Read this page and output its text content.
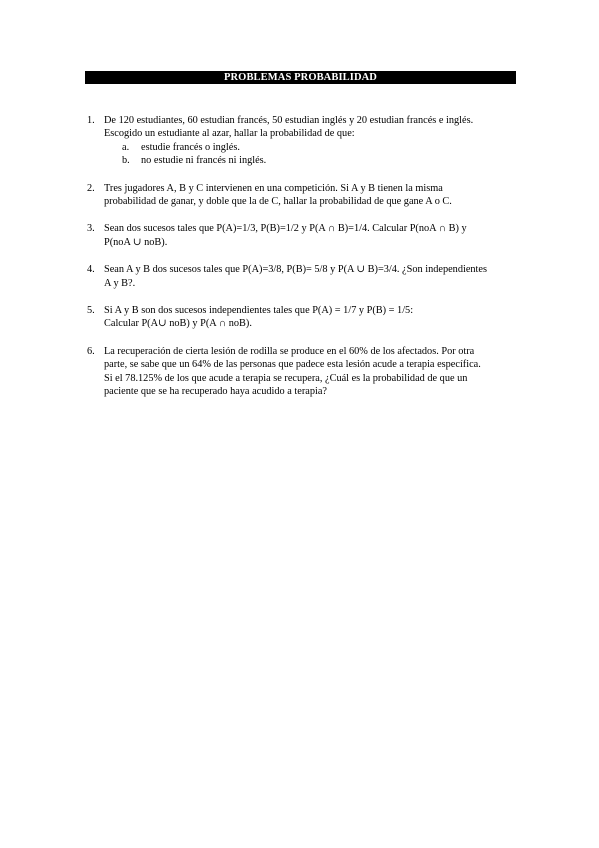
PROBLEMAS PROBABILIDAD
1. De 120 estudiantes, 60 estudian francés, 50 estudian inglés y 20 estudian francés e inglés.
Escogido un estudiante al azar, hallar la probabilidad de que:
a. estudie francés o inglés.
b. no estudie ni francés ni inglés.
2. Tres jugadores A, B y C intervienen en una competición. Si A y B tienen la misma
probabilidad de ganar, y doble que la de C, hallar la probabilidad de que gane A o C.
3. Sean dos sucesos tales que P(A)=1/3, P(B)=1/2 y P(A ∩ B)=1/4. Calcular P(noA ∩ B) y
P(noA ∪ noB).
4. Sean A y B dos sucesos tales que P(A)=3/8, P(B)= 5/8 y P(A ∪ B)=3/4. ¿Son independientes
A y B?.
5. Si A y B son dos sucesos independientes tales que P(A) = 1/7 y P(B) = 1/5:
Calcular P(A∪ noB) y P(A ∩ noB).
6. La recuperación de cierta lesión de rodilla se produce en el 60% de los afectados. Por otra
parte, se sabe que un 64% de las personas que padece esta lesión acude a terapia específica.
Si el 78.125% de los que acude a terapia se recupera, ¿Cuál es la probabilidad de que un
paciente que se ha recuperado haya acudido a terapia?
